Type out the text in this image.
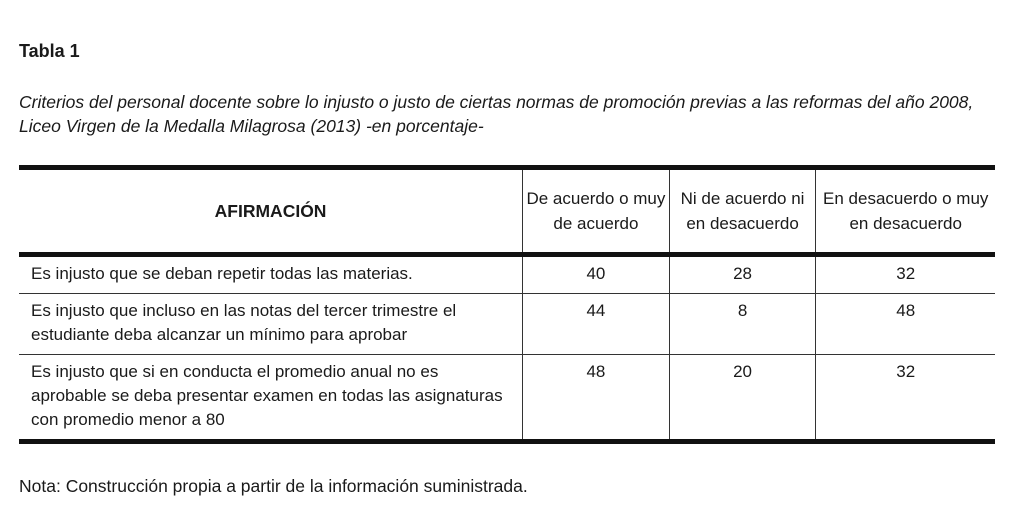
Tabla 1

Criterios del personal docente sobre lo injusto o justo de ciertas normas de promoción previas a las reformas del año 2008, Liceo Virgen de la Medalla Milagrosa (2013) -en porcentaje-

AFIRMACIÓN	De acuerdo o muy de acuerdo	Ni de acuerdo ni en desacuerdo	En desacuerdo o muy en desacuerdo
Es injusto que se deban repetir todas las materias.	40	28	32
Es injusto que incluso en las notas del tercer trimestre el estudiante deba alcanzar un mínimo para aprobar	44	8	48
Es injusto que si en conducta el promedio anual no es aprobable se deba presentar examen en todas las asignaturas con promedio menor a 80	48	20	32

Nota: Construcción propia a partir de la información suministrada.
